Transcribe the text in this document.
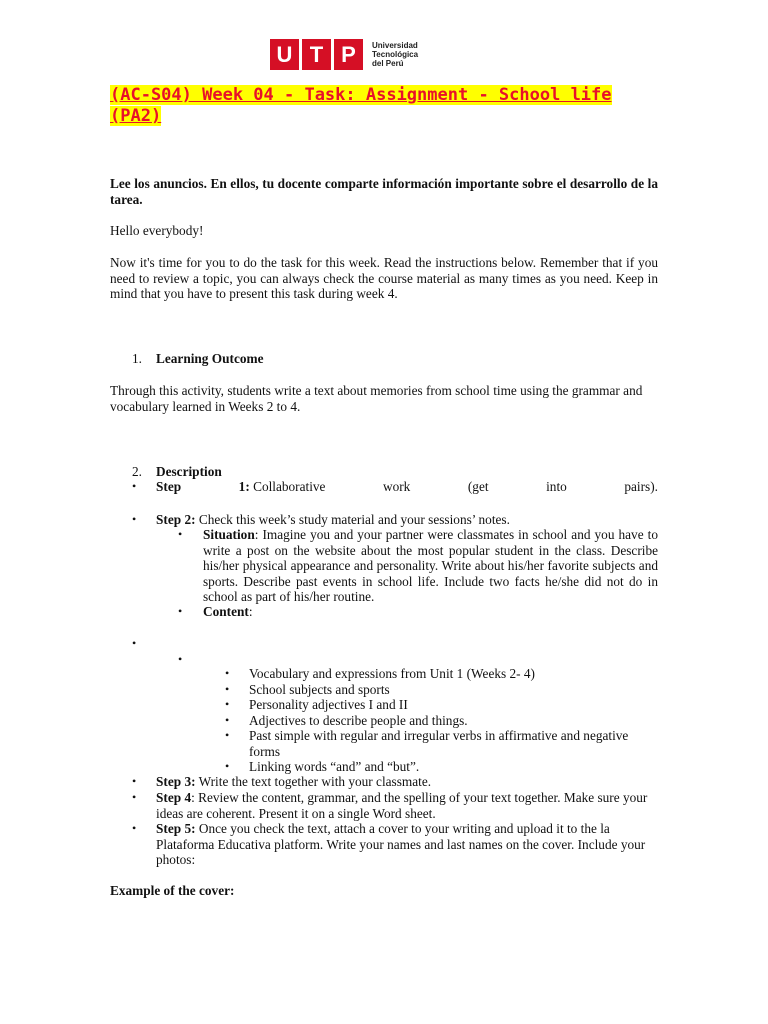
U T P	Universidad
Tecnológica
del Perú
(AC-S04) Week 04 - Task: Assignment - School life
(PA2)
Lee los anuncios. En ellos, tu docente comparte información importante sobre el desarrollo de la tarea.
Hello everybody!
Now it's time for you to do the task for this week. Read the instructions below. Remember that if you need to review a topic, you can always check the course material as many times as you need. Keep in mind that you have to present this task during week 4.
1. Learning Outcome
Through this activity, students write a text about memories from school time using the grammar and vocabulary learned in Weeks 2 to 4.
2. Description
• Step	1: Collaborative	work	(get	into	pairs).
• Step 2: Check this week’s study material and your sessions’ notes.
• Situation: Imagine you and your partner were classmates in school and you have to write a post on the website about the most popular student in the class. Describe his/her physical appearance and personality. Write about his/her favorite subjects and sports. Describe past events in school life. Include two facts he/she did not do in school as part of his/her routine.
• Content:
•
•
• Vocabulary and expressions from Unit 1 (Weeks 2- 4)
• School subjects and sports
• Personality adjectives I and II
• Adjectives to describe people and things.
• Past simple with regular and irregular verbs in affirmative and negative forms
• Linking words “and” and “but”.
• Step 3: Write the text together with your classmate.
• Step 4: Review the content, grammar, and the spelling of your text together. Make sure your ideas are coherent. Present it on a single Word sheet.
• Step 5: Once you check the text, attach a cover to your writing and upload it to the la Plataforma Educativa platform. Write your names and last names on the cover. Include your photos:
Example of the cover:
